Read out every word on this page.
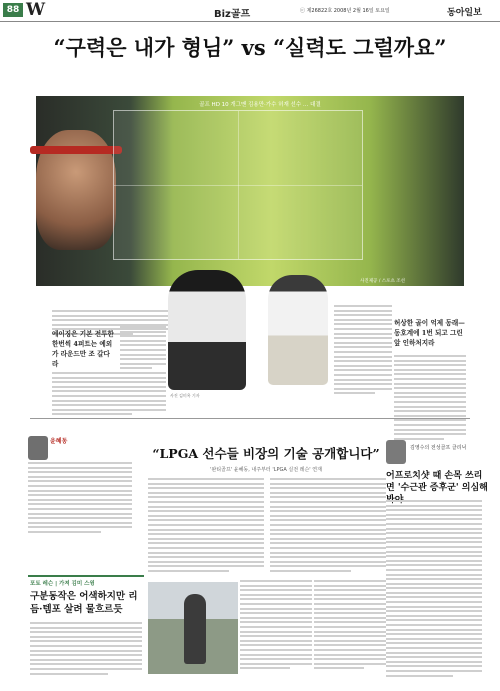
88 W	Biz골프	ⓒ 제26822호 2008년 2월 16일 토요일	동아일보
“구력은 내가 형님” vs “실력도 그럴까요”
골프 HD 10 개그맨 김용만·가수 허재 선수 … 대결
사진제공 / 스포츠 조선
에이징은 기본 전투한 한번씩 4퍼트는 예외가 라운드만 조 갈다라
허상한 골이 억제 동래— 동호계에 1번 되고 그린 앞 인하처지라
사진 김미옥 기자
윤혜동
“LPGA 선수들 비장의 기술 공개합니다”
'완티골프' 윤혜동, 내주부터 'LPGA 실전 레슨' 연재
김영수의 전성골프 클리닉
어프로치샷 때 손목 쓰리면 '수근관 증후군' 의심해
포토 레슨 | 가져 김미 스윙
구분동작은 어색하지만 리듬·템포 살려 물흐르듯
